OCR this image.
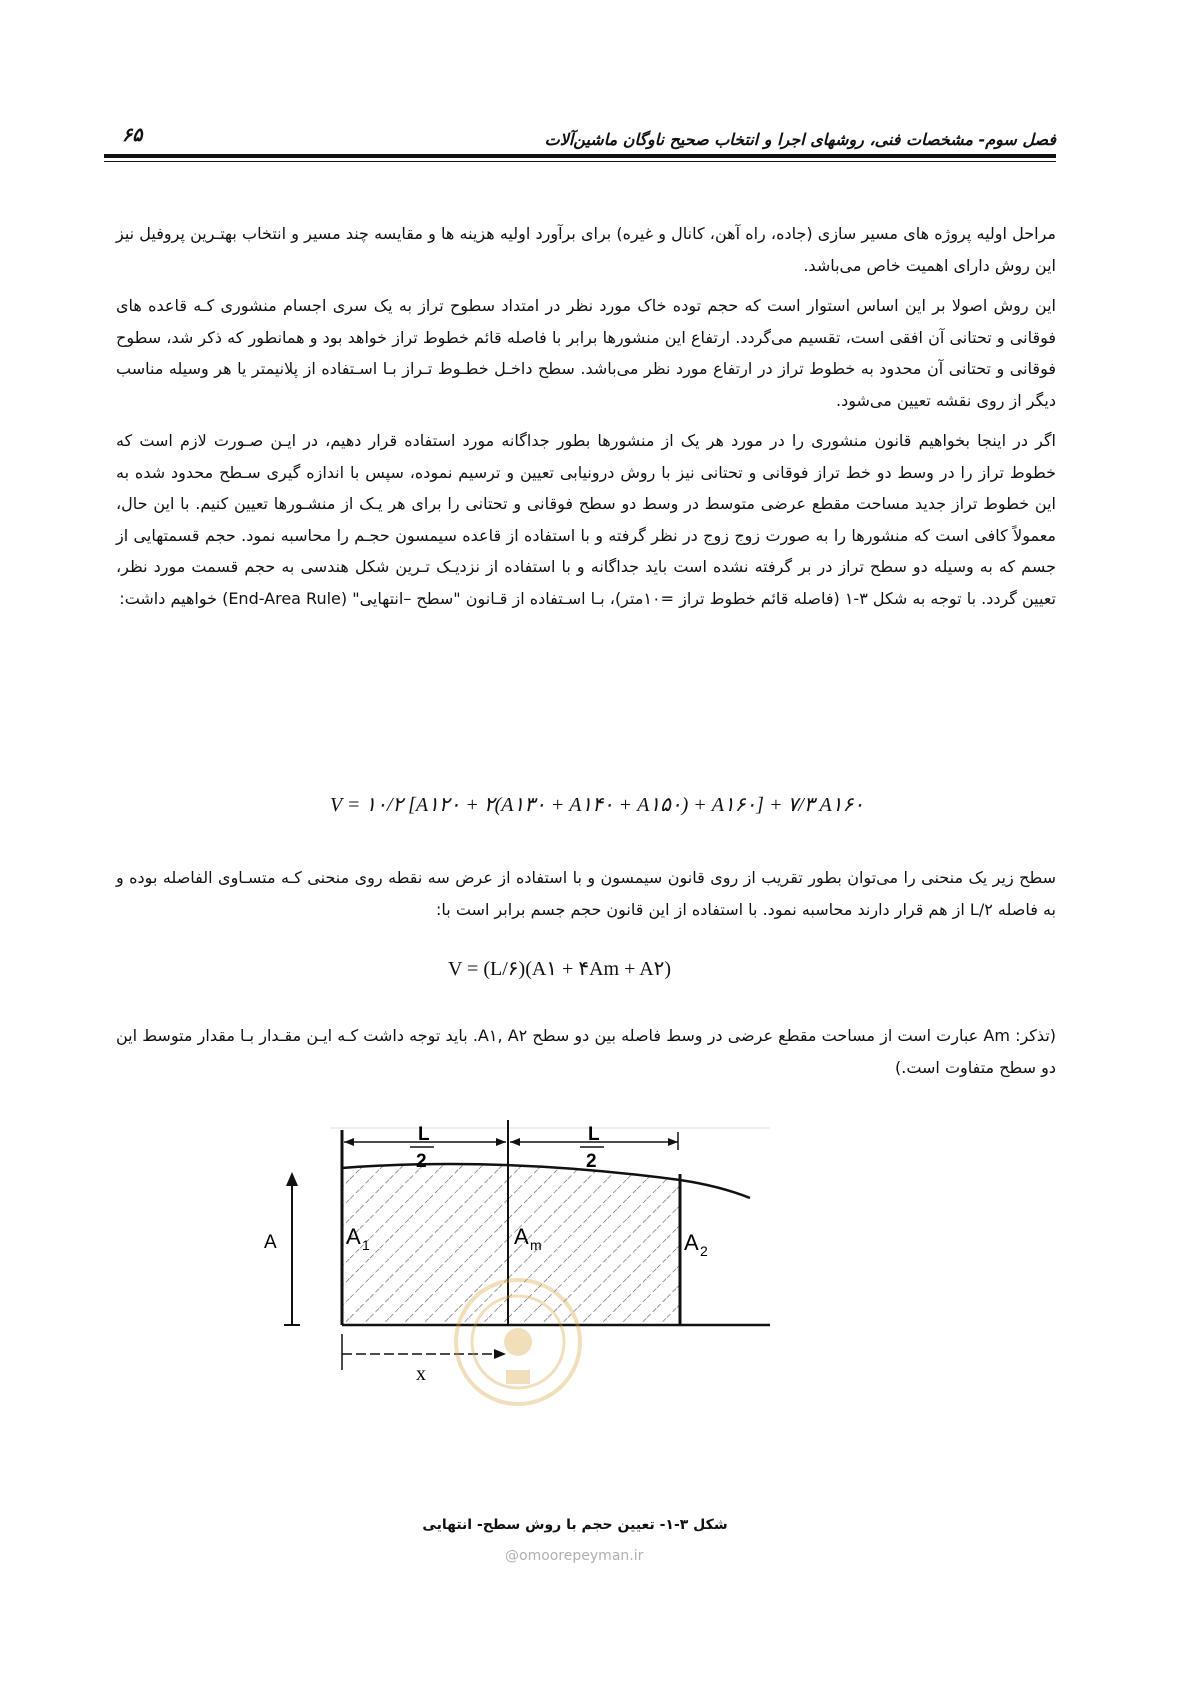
۶۵	فصل سوم- مشخصات فنی، روشهای اجرا و انتخاب صحیح ناوگان ماشین‌آلات

مراحل اولیه پروژه های مسیر سازی (جاده، راه آهن، کانال و غیره) برای برآورد اولیه هزینه ها و مقایسه چند مسیر و انتخاب بهتـرین پروفیل نیز این روش دارای اهمیت خاص می‌باشد.

این روش اصولا بر این اساس استوار است که حجم توده خاک مورد نظر در امتداد سطوح تراز به یک سری اجسام منشوری کـه قاعده های فوقانی و تحتانی آن افقی است، تقسیم می‌گردد. ارتفاع این منشورها برابر با فاصله قائم خطوط تراز خواهد بود و همانطور که ذکر شد، سطوح فوقانی و تحتانی آن محدود به خطوط تراز در ارتفاع مورد نظر می‌باشد. سطح داخـل خطـوط تـراز بـا اسـتفاده از پلانیمتر یا هر وسیله مناسب دیگر از روی نقشه تعیین می‌شود.

اگر در اینجا بخواهیم قانون منشوری را در مورد هر یک از منشورها بطور جداگانه مورد استفاده قرار دهیم، در ایـن صـورت لازم است که خطوط تراز را در وسط دو خط تراز فوقانی و تحتانی نیز با روش درونیابی تعیین و ترسیم نموده، سپس با اندازه گیری سـطح محدود شده به این خطوط تراز جدید مساحت مقطع عرضی متوسط در وسط دو سطح فوقانی و تحتانی را برای هر یـک از منشـورها تعیین کنیم. با این حال، معمولاً کافی است که منشورها را به صورت زوج زوج در نظر گرفته و با استفاده از قاعده سیمسون حجـم را محاسبه نمود. حجم قسمتهایی از جسم که به وسیله دو سطح تراز در بر گرفته نشده است باید جداگانه و با استفاده از نزدیـک تـرین شکل هندسی به حجم قسمت مورد نظر، تعیین گردد. با توجه به شکل ۳-۱ (فاصله قائم خطوط تراز =۱۰متر)، بـا اسـتفاده از قـانون "سطح –انتهایی" (End-Area Rule) خواهیم داشت:

V = ۱۰/۲ [A۱۲۰ + ۲(A۱۳۰ + A۱۴۰ + A۱۵۰) + A۱۶۰] + ۷/۳ A۱۶۰

سطح زیر یک منحنی را می‌توان بطور تقریب از روی قانون سیمسون و با استفاده از عرض سه نقطه روی منحنی کـه متسـاوی الفاصله بوده و به فاصله L/۲ از هم قرار دارند محاسبه نمود. با استفاده از این قانون حجم جسم برابر است با:

V = (L/۶)(A۱ + ۴Am + A۲)

(تذکر: Am عبارت است از مساحت مقطع عرضی در وسط فاصله بین دو سطح A۱, A۲. باید توجه داشت کـه ایـن مقـدار بـا مقدار متوسط این دو سطح متفاوت است.)

L
2
L
2
A	A 1	A m	A 2
x
شکل ۳-۱- تعیین حجم با روش سطح- انتهایی
@omoorepeyman.ir
